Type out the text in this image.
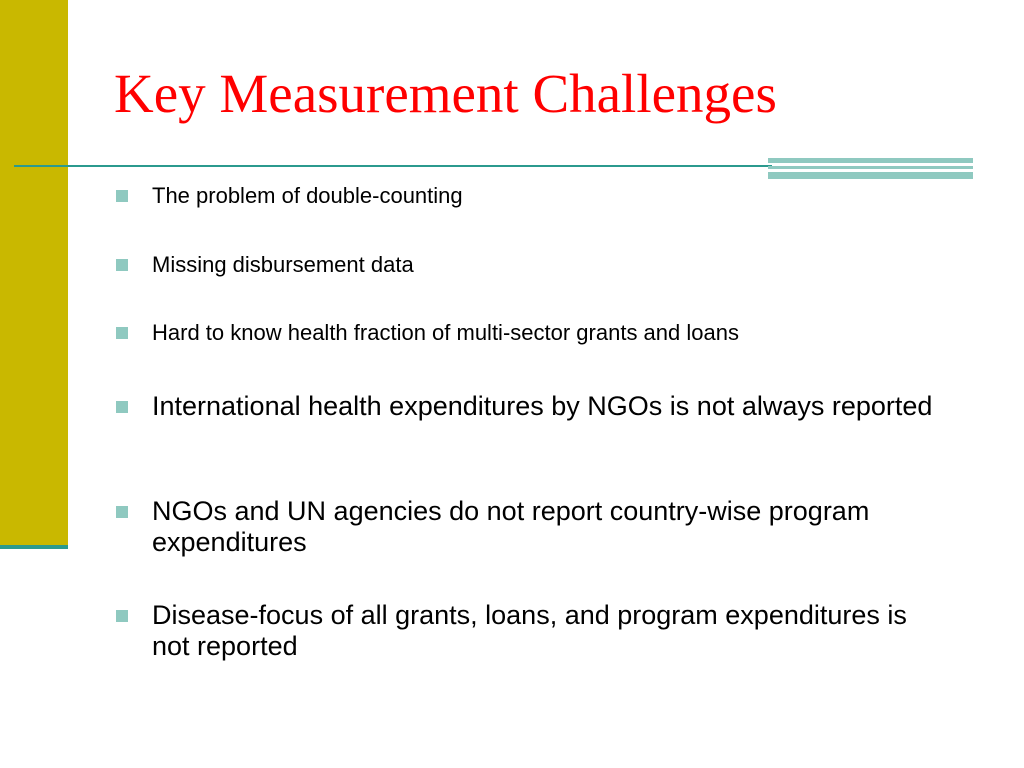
Key Measurement Challenges
The problem of double-counting
Missing disbursement data
Hard to know health fraction of multi-sector grants and loans
International health expenditures by NGOs is not always reported
NGOs and UN agencies do not report country-wise program expenditures
Disease-focus of all grants, loans, and program expenditures is not reported
